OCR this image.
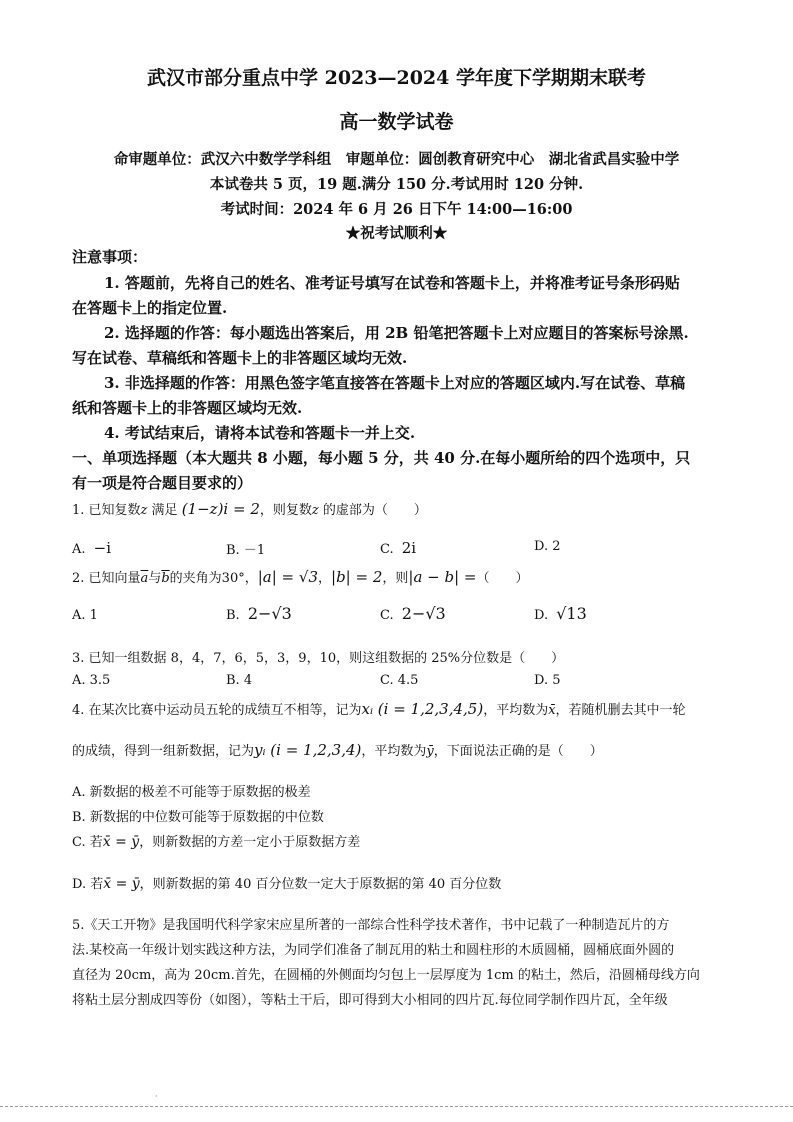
武汉市部分重点中学 2023—2024 学年度下学期期末联考
高一数学试卷
命审题单位：武汉六中数学学科组　审题单位：圆创教育研究中心　湖北省武昌实验中学
本试卷共 5 页，19 题.满分 150 分.考试用时 120 分钟.
考试时间：2024 年 6 月 26 日下午 14:00—16:00
★祝考试顺利★
注意事项：
1. 答题前，先将自己的姓名、准考证号填写在试卷和答题卡上，并将准考证号条形码贴
在答题卡上的指定位置.
2. 选择题的作答：每小题选出答案后，用 2B 铅笔把答题卡上对应题目的答案标号涂黑.
写在试卷、草稿纸和答题卡上的非答题区域均无效.
3. 非选择题的作答：用黑色签字笔直接答在答题卡上对应的答题区域内.写在试卷、草稿
纸和答题卡上的非答题区域均无效.
4. 考试结束后，请将本试卷和答题卡一并上交.
一、单项选择题（本大题共 8 小题，每小题 5 分，共 40 分.在每小题所给的四个选项中，只
有一项是符合题目要求的）
1. 已知复数z 满足 (1−z)i = 2，则复数z 的虚部为（　　）
A. −i	B. －1	C. 2i	D. 2
2. 已知向量$\overline{a}$与$\overline{b}$的夹角为30°，|a| = √3，|b| = 2，则|a − b| =（　　）
A. 1	B. 2−√3	C. 2−√3	D. √13
3. 已知一组数据 8，4，7，6，5，3，9，10，则这组数据的 25%分位数是（　　）
A. 3.5	B. 4	C. 4.5	D. 5
4. 在某次比赛中运动员五轮的成绩互不相等，记为xᵢ (i = 1,2,3,4,5)，平均数为x̄，若随机删去其中一轮
的成绩，得到一组新数据，记为yᵢ (i = 1,2,3,4)，平均数为ȳ，下面说法正确的是（　　）
A. 新数据的极差不可能等于原数据的极差
B. 新数据的中位数可能等于原数据的中位数
C. 若x̄ = ȳ，则新数据的方差一定小于原数据方差
D. 若x̄ = ȳ，则新数据的第 40 百分位数一定大于原数据的第 40 百分位数
5.《天工开物》是我国明代科学家宋应星所著的一部综合性科学技术著作，书中记载了一种制造瓦片的方
法.某校高一年级计划实践这种方法，为同学们准备了制瓦用的粘土和圆柱形的木质圆桶，圆桶底面外圆的
直径为 20cm，高为 20cm.首先，在圆桶的外侧面均匀包上一层厚度为 1cm 的粘土，然后，沿圆桶母线方向
将粘土层分割成四等份（如图），等粘土干后，即可得到大小相同的四片瓦.每位同学制作四片瓦，全年级
·
